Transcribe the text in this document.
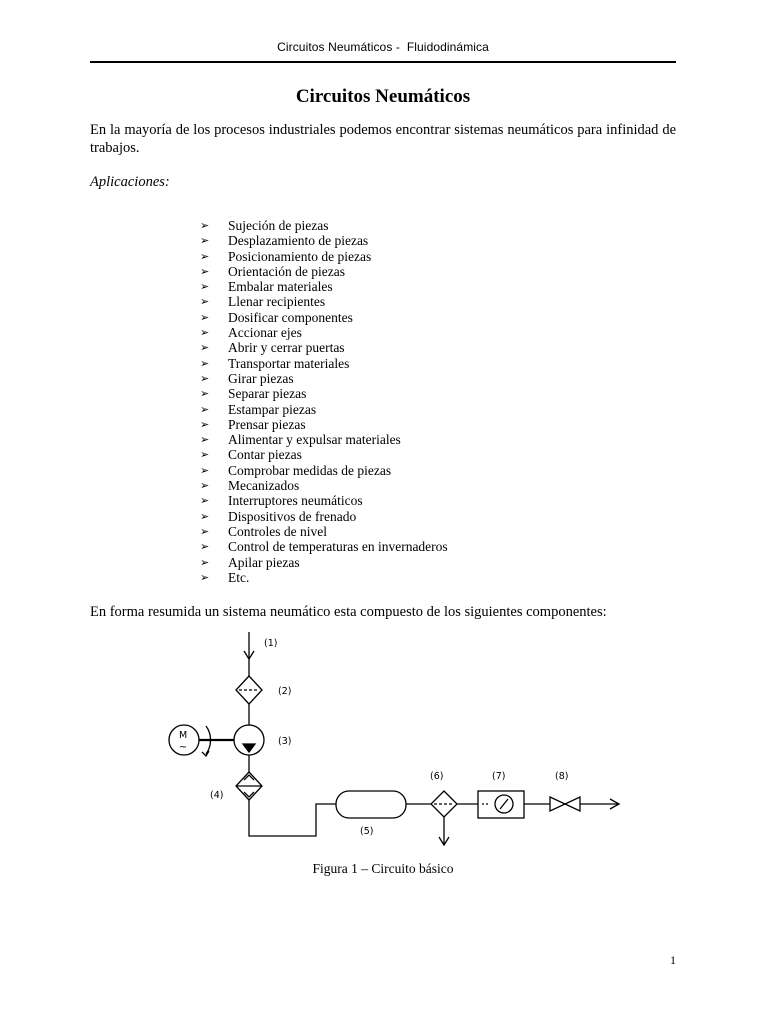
Circuitos Neumáticos -  Fluidodinámica
Circuitos Neumáticos

En la mayoría de los procesos industriales podemos encontrar sistemas neumáticos para infinidad de trabajos.

Aplicaciones:

➢	Sujeción de piezas
➢	Desplazamiento de piezas
➢	Posicionamiento de piezas
➢	Orientación de piezas
➢	Embalar materiales
➢	Llenar recipientes
➢	Dosificar componentes
➢	Accionar ejes
➢	Abrir y cerrar puertas
➢	Transportar materiales
➢	Girar piezas
➢	Separar piezas
➢	Estampar piezas
➢	Prensar piezas
➢	Alimentar y expulsar materiales
➢	Contar piezas
➢	Comprobar medidas de piezas
➢	Mecanizados
➢	Interruptores neumáticos
➢	Dispositivos de frenado
➢	Controles de nivel
➢	Control de temperaturas en invernaderos
➢	Apilar piezas
➢	Etc.

En forma resumida un sistema neumático esta compuesto de los siguientes componentes:

(1)
(2)
(3)
(4)
(5)
(6)	(7)	(8)
M
~

Figura 1 – Circuito básico

1
